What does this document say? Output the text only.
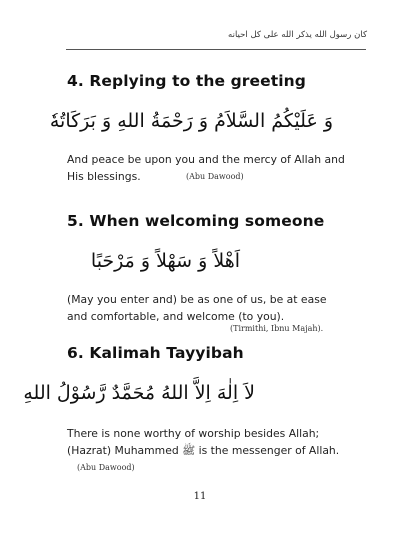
كان رسول الله يذكر الله على كل احيانه
4. Replying to the greeting
وَ عَلَيْكُمُ السَّلاَمُ وَ رَحْمَةُ اللهِ وَ بَرَكَاتُهٗ
And peace be upon you and the mercy of Allah and
His blessings.	(Abu Dawood)
5. When welcoming someone
اَهْلاً وَ سَهْلاً وَ مَرْحَبًا
(May you enter and) be as one of us, be at ease
and comfortable, and welcome (to you).
(Tirmithi, Ibnu Majah).
6. Kalimah Tayyibah
لاَ اِلٰهَ اِلاَّ اللهُ مُحَمَّدٌ رَّسُوْلُ اللهِ
There is none worthy of worship besides Allah;
(Hazrat) Muhammed ﷺ is the messenger of Allah.
(Abu Dawood)
11
